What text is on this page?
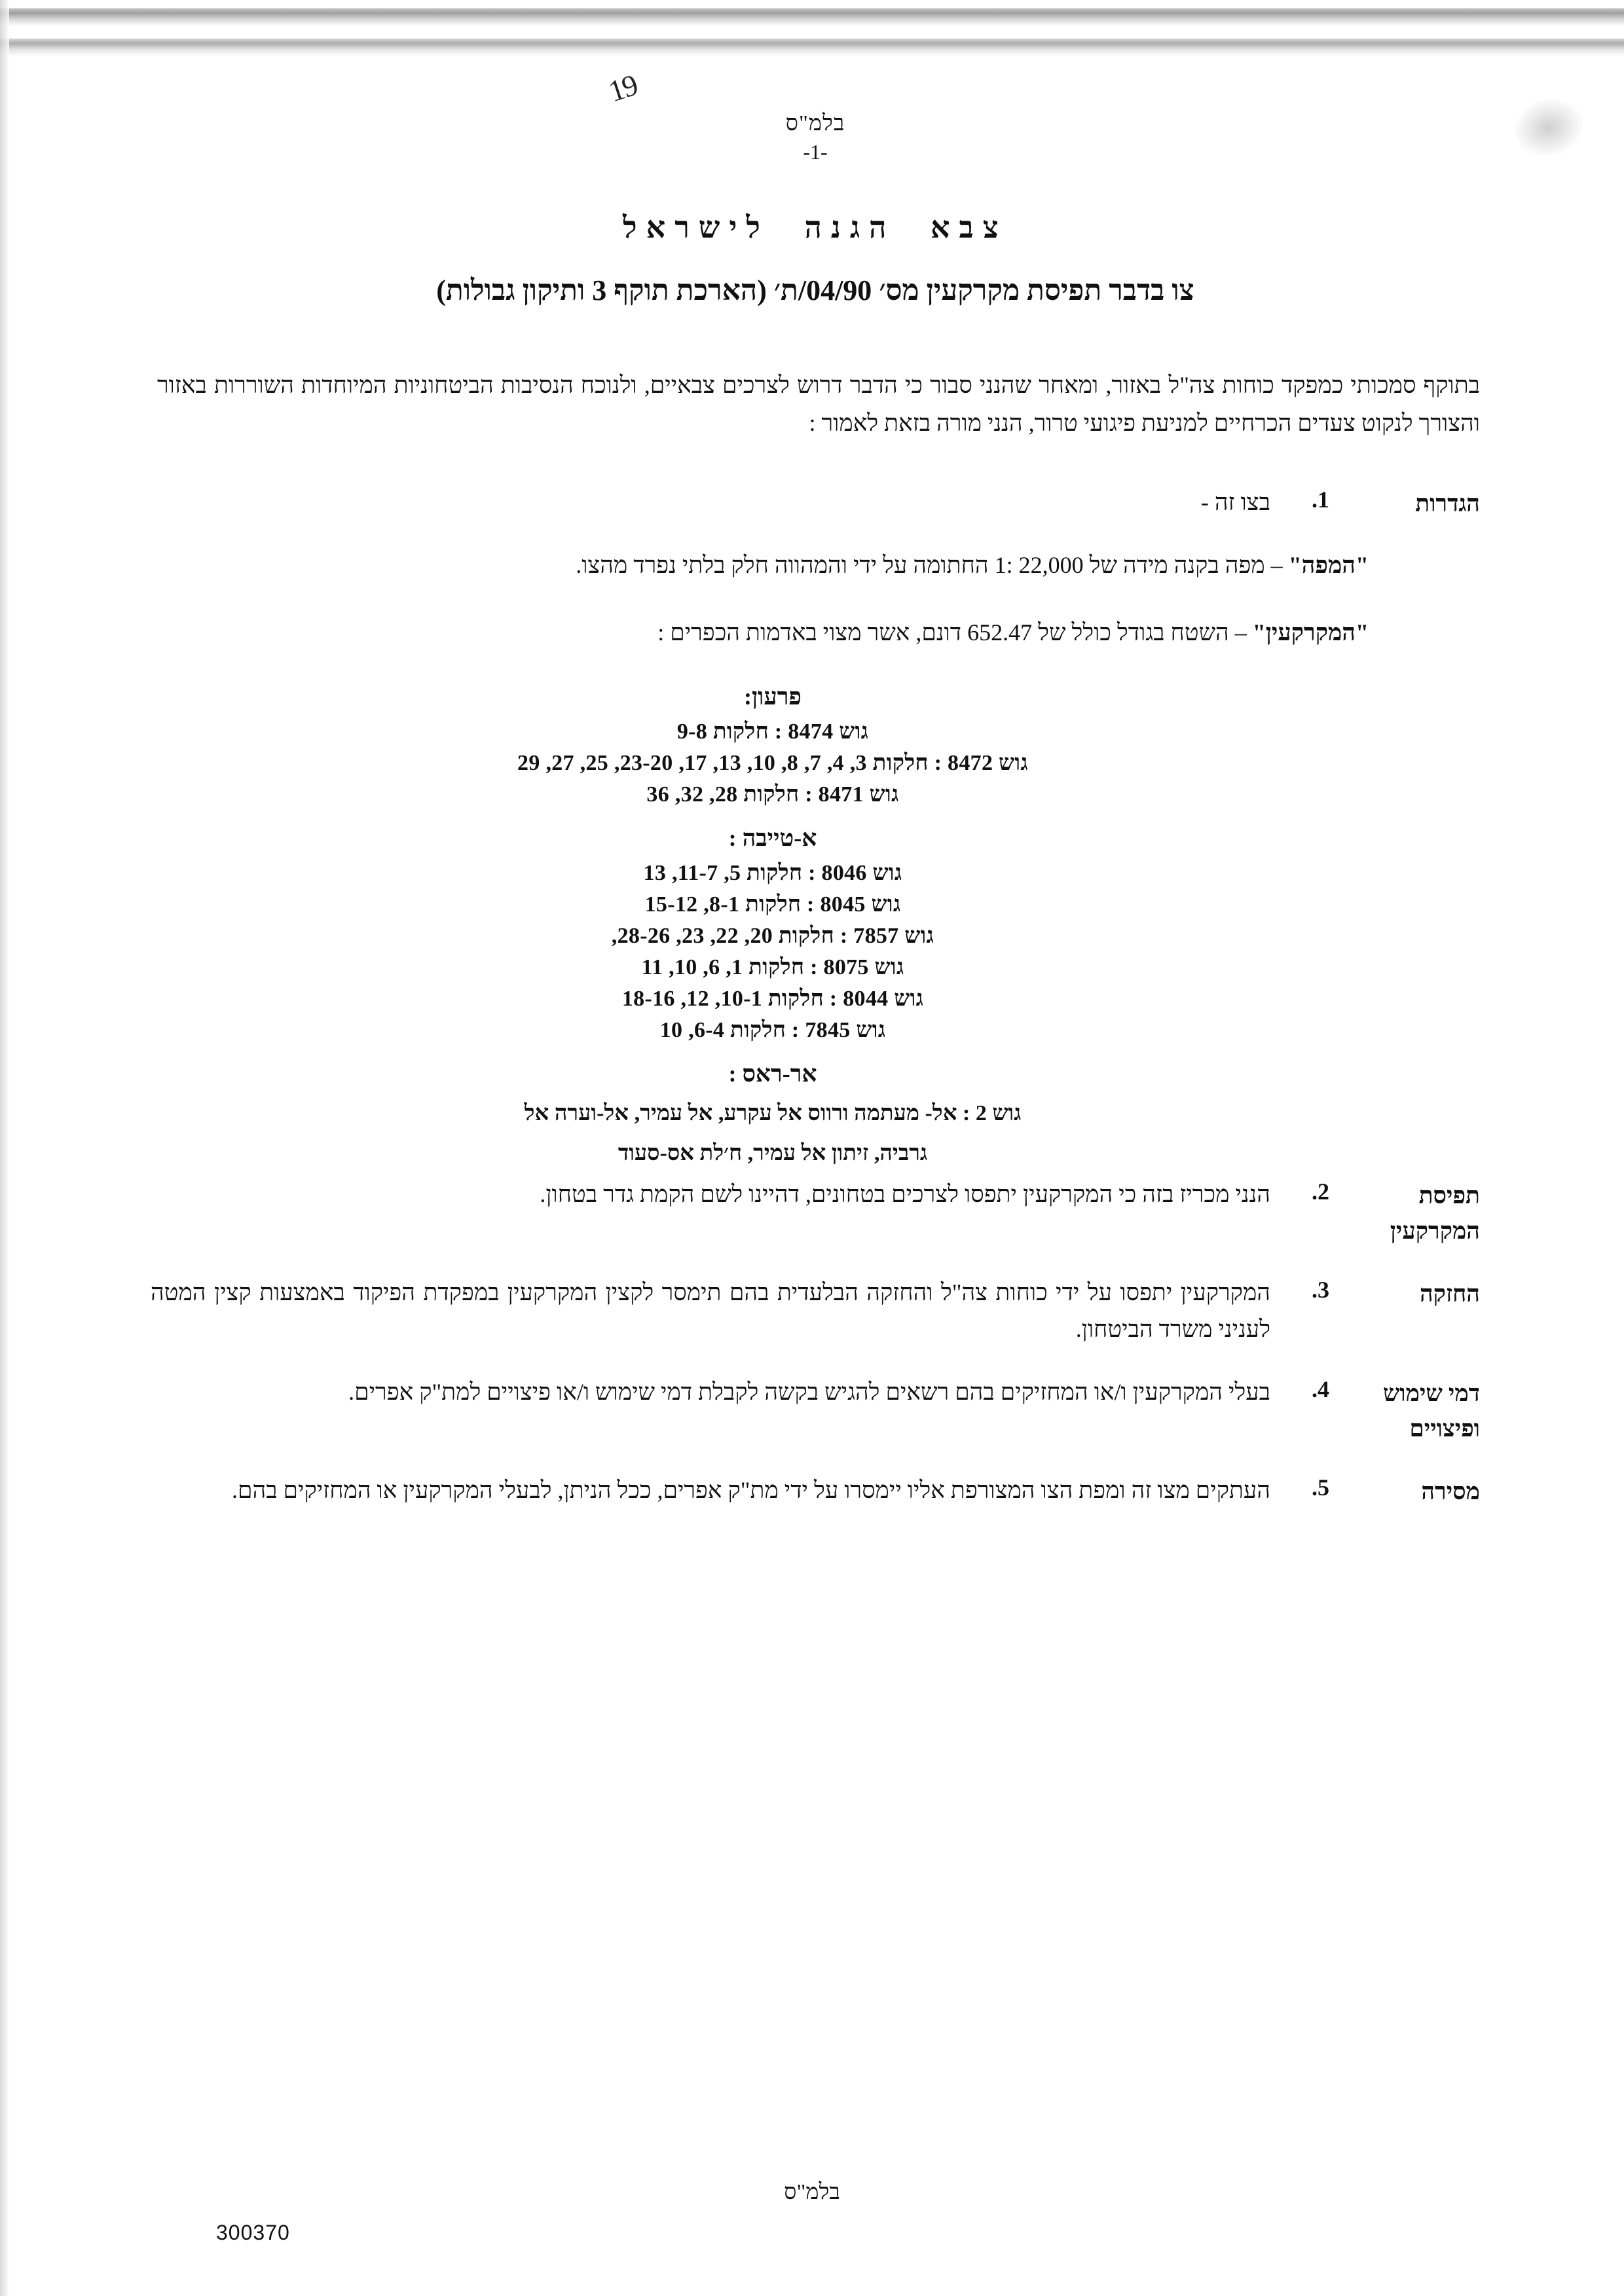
19
בלמ"ס
-1-
צבא הגנה לישראל
צו בדבר תפיסת מקרקעין מס׳ 04/90/ת׳ (הארכת תוקף 3 ותיקון גבולות)
בתוקף סמכותי כמפקד כוחות צה"ל באזור, ומאחר שהנני סבור כי הדבר דרוש לצרכים צבאיים, ולנוכח הנסיבות הביטחוניות המיוחדות השוררות באזור והצורך לנקוט צעדים הכרחיים למניעת פיגועי טרור, הנני מורה בזאת לאמור :
הגדרות
1.
בצו זה -
"המפה" – מפה בקנה מידה של 22,000 :1 החתומה על ידי והמהווה חלק בלתי נפרד מהצו.
"המקרקעין" – השטח בגודל כולל של 652.47 דונם, אשר מצוי באדמות הכפרים :
פרעון:
גוש 8474 : חלקות 9-8
גוש 8472 : חלקות 3, 4, 7, 8, 10, 13, 17, 23-20, 25, 27, 29
גוש 8471 : חלקות 28, 32, 36
א-טייבה :
גוש 8046 : חלקות 5, 11-7, 13
גוש 8045 : חלקות 8-1, 15-12
גוש 7857 : חלקות 20, 22, 23, 28-26,
גוש 8075 : חלקות 1, 6, 10, 11
גוש 8044 : חלקות 10-1, 12, 18-16
גוש 7845 : חלקות 6-4, 10
אר-ראס :
גוש 2 : אל- מעתמה ורווס אל עקרע, אל עמיר, אל-וערה אל
גרביה, זיתון אל עמיר, ח׳לת אס-סעוד
תפיסת המקרקעין
2.
הנני מכריז בזה כי המקרקעין יתפסו לצרכים בטחונים, דהיינו לשם הקמת גדר בטחון.
החזקה
3.
המקרקעין יתפסו על ידי כוחות צה"ל והחזקה הבלעדית בהם תימסר לקצין המקרקעין במפקדת הפיקוד באמצעות קצין המטה לעניני משרד הביטחון.
דמי שימוש ופיצויים
4.
בעלי המקרקעין ו/או המחזיקים בהם רשאים להגיש בקשה לקבלת דמי שימוש ו/או פיצויים למת"ק אפרים.
מסירה
5.
העתקים מצו זה ומפת הצו המצורפת אליו יימסרו על ידי מת"ק אפרים, ככל הניתן, לבעלי המקרקעין או המחזיקים בהם.
בלמ"ס
300370
